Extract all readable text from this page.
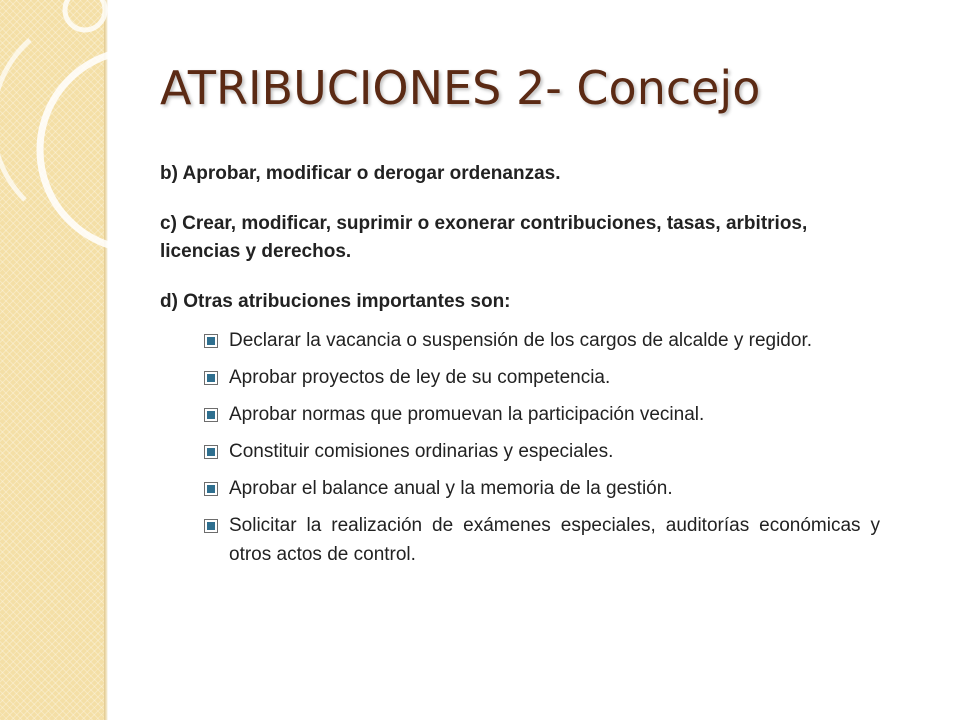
ATRIBUCIONES 2- Concejo

b) Aprobar, modificar o derogar ordenanzas.

c) Crear, modificar, suprimir o exonerar contribuciones, tasas, arbitrios, licencias y derechos.

d) Otras atribuciones importantes son:

Declarar la vacancia o suspensión de los cargos de alcalde y regidor.
Aprobar proyectos de ley de su competencia.
Aprobar normas que promuevan la participación vecinal.
Constituir comisiones ordinarias y especiales.
Aprobar el balance anual y la memoria de la gestión.
Solicitar la realización de exámenes especiales, auditorías económicas y otros actos de control.
